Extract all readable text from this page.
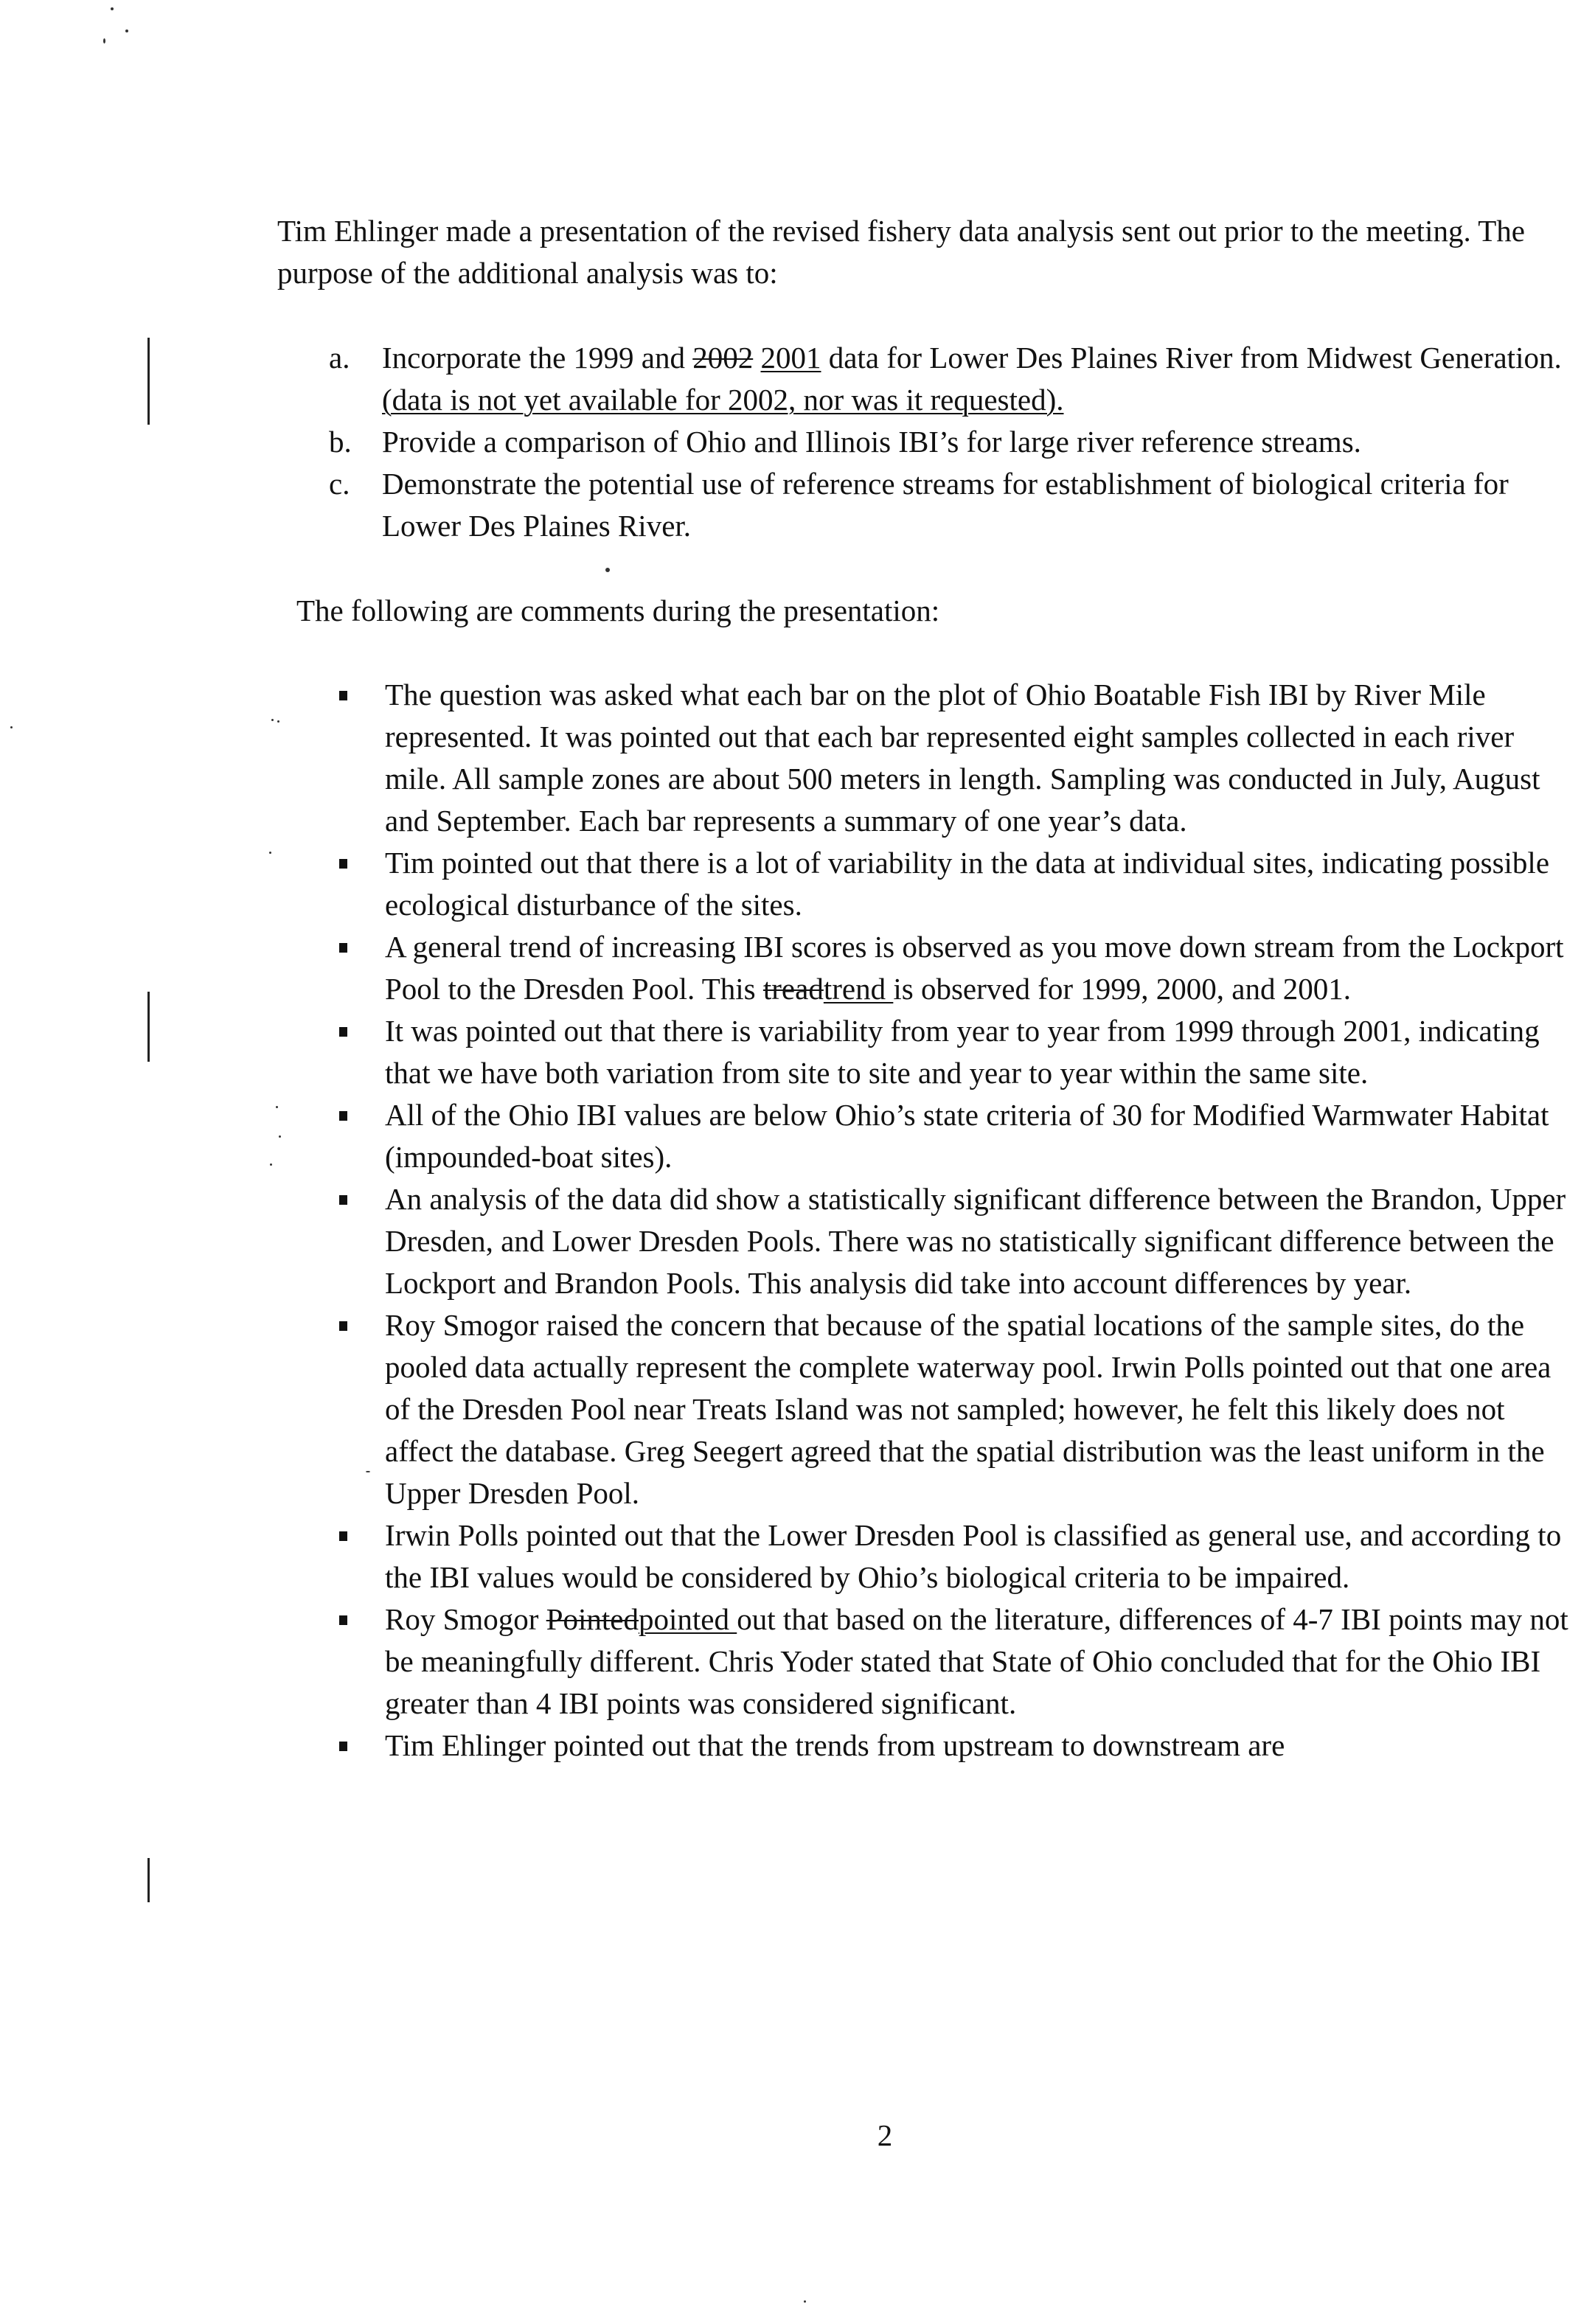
Tim Ehlinger made a presentation of the revised fishery data analysis sent out prior to the meeting. The purpose of the additional analysis was to:

a. Incorporate the 1999 and 2002 2001 data for Lower Des Plaines River from Midwest Generation. (data is not yet available for 2002, nor was it requested).
b. Provide a comparison of Ohio and Illinois IBI’s for large river reference streams.
c. Demonstrate the potential use of reference streams for establishment of biological criteria for Lower Des Plaines River.

The following are comments during the presentation:

The question was asked what each bar on the plot of Ohio Boatable Fish IBI by River Mile represented. It was pointed out that each bar represented eight samples collected in each river mile. All sample zones are about 500 meters in length. Sampling was conducted in July, August and September. Each bar represents a summary of one year’s data.
Tim pointed out that there is a lot of variability in the data at individual sites, indicating possible ecological disturbance of the sites.
A general trend of increasing IBI scores is observed as you move down stream from the Lockport Pool to the Dresden Pool. This treadtrend is observed for 1999, 2000, and 2001.
It was pointed out that there is variability from year to year from 1999 through 2001, indicating that we have both variation from site to site and year to year within the same site.
All of the Ohio IBI values are below Ohio’s state criteria of 30 for Modified Warmwater Habitat (impounded-boat sites).
An analysis of the data did show a statistically significant difference between the Brandon, Upper Dresden, and Lower Dresden Pools. There was no statistically significant difference between the Lockport and Brandon Pools. This analysis did take into account differences by year.
Roy Smogor raised the concern that because of the spatial locations of the sample sites, do the pooled data actually represent the complete waterway pool. Irwin Polls pointed out that one area of the Dresden Pool near Treats Island was not sampled; however, he felt this likely does not affect the database. Greg Seegert agreed that the spatial distribution was the least uniform in the Upper Dresden Pool.
Irwin Polls pointed out that the Lower Dresden Pool is classified as general use, and according to the IBI values would be considered by Ohio’s biological criteria to be impaired.
Roy Smogor Pointedpointed out that based on the literature, differences of 4-7 IBI points may not be meaningfully different. Chris Yoder stated that State of Ohio concluded that for the Ohio IBI greater than 4 IBI points was considered significant.
Tim Ehlinger pointed out that the trends from upstream to downstream are
2
